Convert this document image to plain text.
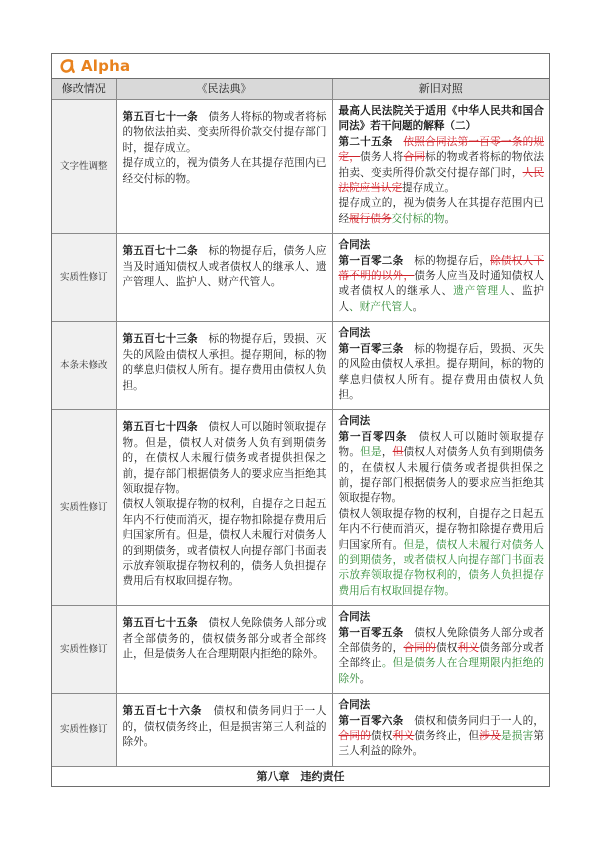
Alpha
修改情况	《民法典》	新旧对照
文字性调整	第五百七十一条　 债务人将标的物或者将标的物依法拍卖、变卖所得价款交付提存部门时，提存成立。
提存成立的，视为债务人在其提存范围内已经交付标的物。	最高人民法院关于适用《中华人民共和国合同法》若干问题的解释（二）
第二十五条　 依照合同法第一百零一条的规定，债务人将合同标的物或者将标的物依法拍卖、变卖所得价款交付提存部门时，人民法院应当认定提存成立。
提存成立的，视为债务人在其提存范围内已经履行债务交付标的物。

实质性修订	第五百七十二条　 标的物提存后，债务人应当及时通知债权人或者债权人的继承人、遗产管理人、监护人、财产代管人。	合同法
第一百零二条　 标的物提存后，除债权人下落不明的以外，债务人应当及时通知债权人或者债权人的继承人、遗产管理人、监护人、财产代管人。

本条未修改	第五百七十三条　 标的物提存后，毁损、灭失的风险由债权人承担。提存期间，标的物的孳息归债权人所有。提存费用由债权人负担。	合同法
第一百零三条　 标的物提存后，毁损、灭失的风险由债权人承担。提存期间，标的物的孳息归债权人所有。提存费用由债权人负担。

实质性修订	第五百七十四条　 债权人可以随时领取提存物。但是，债权人对债务人负有到期债务的，在债权人未履行债务或者提供担保之前，提存部门根据债务人的要求应当拒绝其领取提存物。
债权人领取提存物的权利，自提存之日起五年内不行使而消灭，提存物扣除提存费用后归国家所有。但是，债权人未履行对债务人的到期债务，或者债权人向提存部门书面表示放弃领取提存物权利的，债务人负担提存费用后有权取回提存物。	合同法
第一百零四条　 债权人可以随时领取提存物。但是，但债权人对债务人负有到期债务的，在债权人未履行债务或者提供担保之前，提存部门根据债务人的要求应当拒绝其领取提存物。
债权人领取提存物的权利，自提存之日起五年内不行使而消灭，提存物扣除提存费用后归国家所有。但是，债权人未履行对债务人的到期债务，或者债权人向提存部门书面表示放弃领取提存物权利的，债务人负担提存费用后有权取回提存物。

实质性修订	第五百七十五条　 债权人免除债务人部分或者全部债务的，债权债务部分或者全部终止，但是债务人在合理期限内拒绝的除外。	合同法
第一百零五条　 债权人免除债务人部分或者全部债务的，合同的债权利义债务部分或者全部终止。但是债务人在合理期限内拒绝的除外。

实质性修订	第五百七十六条　 债权和债务同归于一人的，债权债务终止，但是损害第三人利益的除外。	合同法
第一百零六条　 债权和债务同归于一人的，合同的债权利义债务终止，但涉及是损害第三人利益的除外。

第八章　违约责任		
